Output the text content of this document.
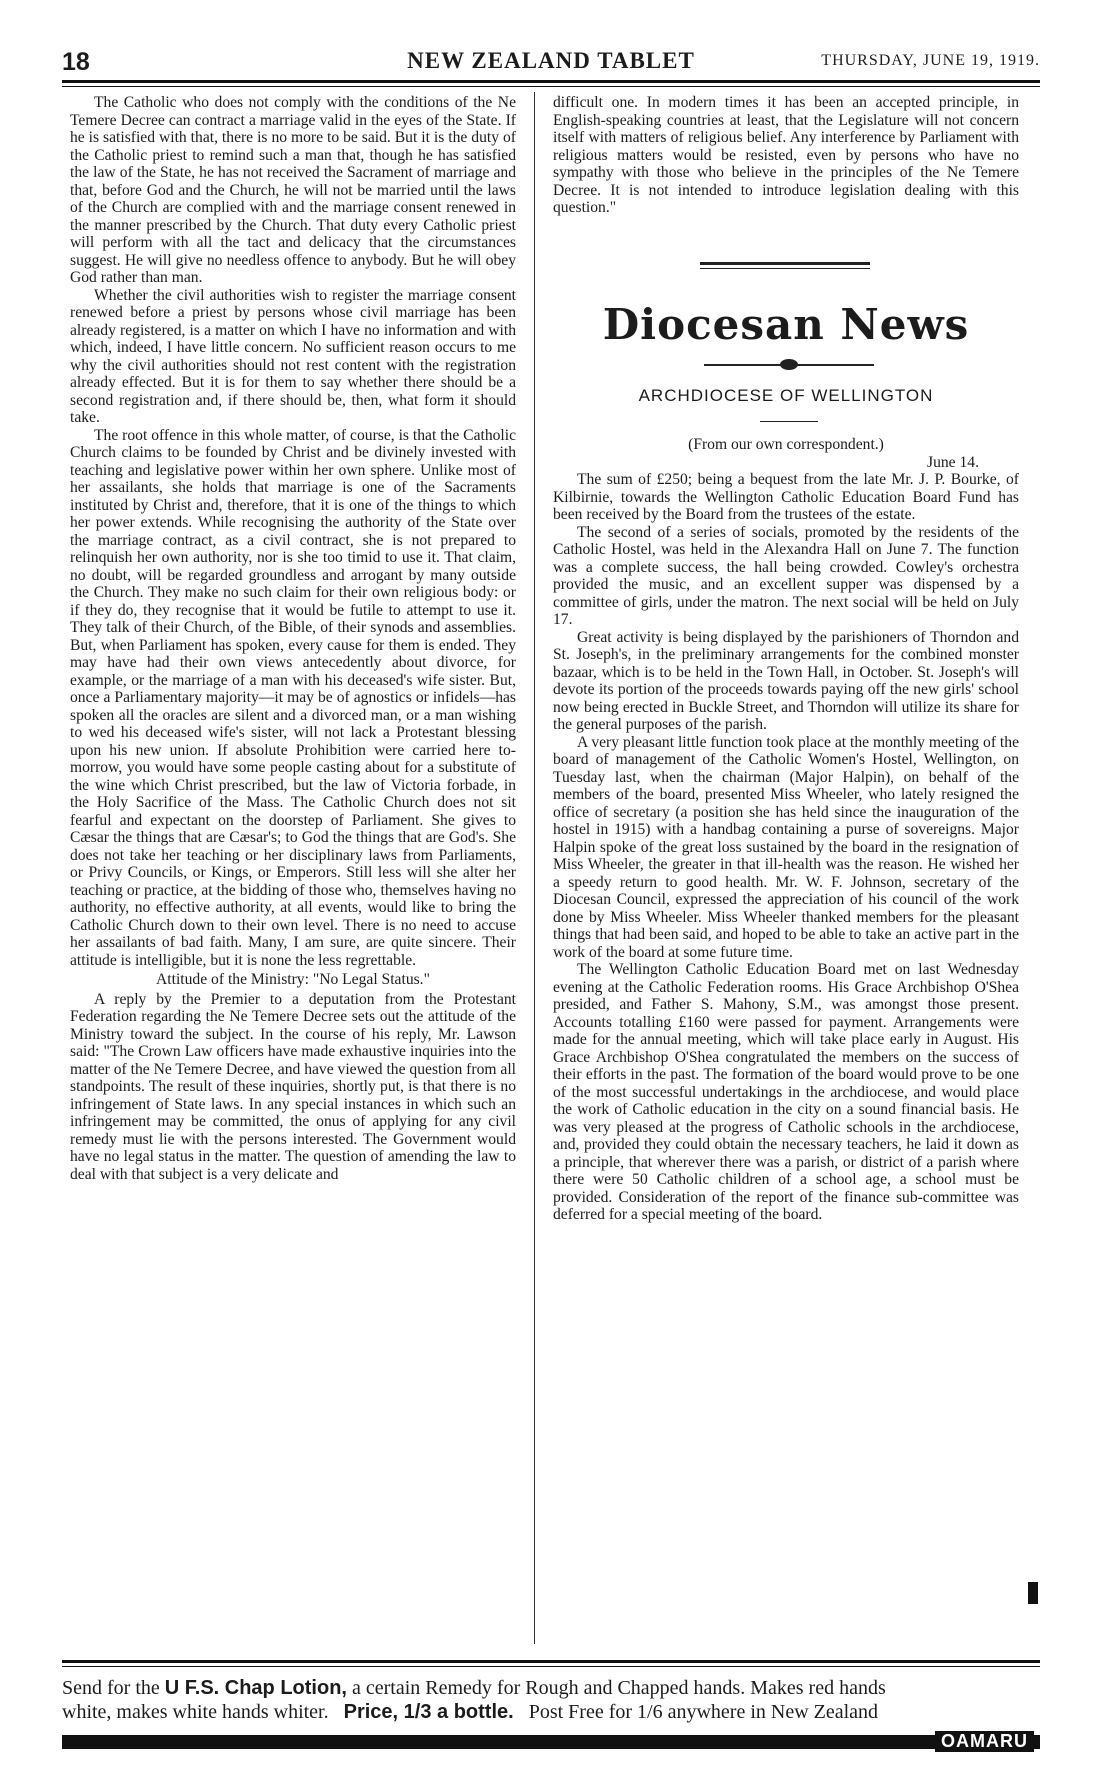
18	NEW ZEALAND TABLET	THURSDAY, JUNE 19, 1919.

The Catholic who does not comply with the conditions of the Ne Temere Decree can contract a marriage valid in the eyes of the State. If he is satisfied with that, there is no more to be said. But it is the duty of the Catholic priest to remind such a man that, though he has satisfied the law of the State, he has not received the Sacrament of marriage and that, before God and the Church, he will not be married until the laws of the Church are complied with and the marriage consent renewed in the manner prescribed by the Church. That duty every Catholic priest will perform with all the tact and delicacy that the circumstances suggest. He will give no needless offence to anybody. But he will obey God rather than man.

Whether the civil authorities wish to register the marriage consent renewed before a priest by persons whose civil marriage has been already registered, is a matter on which I have no information and with which, indeed, I have little concern. No sufficient reason occurs to me why the civil authorities should not rest content with the registration already effected. But it is for them to say whether there should be a second registration and, if there should be, then, what form it should take.

The root offence in this whole matter, of course, is that the Catholic Church claims to be founded by Christ and be divinely invested with teaching and legislative power within her own sphere. Unlike most of her assailants, she holds that marriage is one of the Sacraments instituted by Christ and, therefore, that it is one of the things to which her power extends. While recognising the authority of the State over the marriage contract, as a civil contract, she is not prepared to relinquish her own authority, nor is she too timid to use it. That claim, no doubt, will be regarded groundless and arrogant by many outside the Church. They make no such claim for their own religious body: or if they do, they recognise that it would be futile to attempt to use it. They talk of their Church, of the Bible, of their synods and assemblies. But, when Parliament has spoken, every cause for them is ended. They may have had their own views antecedently about divorce, for example, or the marriage of a man with his deceased's wife sister. But, once a Parliamentary majority—it may be of agnostics or infidels—has spoken all the oracles are silent and a divorced man, or a man wishing to wed his deceased wife's sister, will not lack a Protestant blessing upon his new union. If absolute Prohibition were carried here to-morrow, you would have some people casting about for a substitute of the wine which Christ prescribed, but the law of Victoria forbade, in the Holy Sacrifice of the Mass. The Catholic Church does not sit fearful and expectant on the doorstep of Parliament. She gives to Cæsar the things that are Cæsar's; to God the things that are God's. She does not take her teaching or her disciplinary laws from Parliaments, or Privy Councils, or Kings, or Emperors. Still less will she alter her teaching or practice, at the bidding of those who, themselves having no authority, no effective authority, at all events, would like to bring the Catholic Church down to their own level. There is no need to accuse her assailants of bad faith. Many, I am sure, are quite sincere. Their attitude is intelligible, but it is none the less regrettable.

Attitude of the Ministry: "No Legal Status."

A reply by the Premier to a deputation from the Protestant Federation regarding the Ne Temere Decree sets out the attitude of the Ministry toward the subject. In the course of his reply, Mr. Lawson said: "The Crown Law officers have made exhaustive inquiries into the matter of the Ne Temere Decree, and have viewed the question from all standpoints. The result of these inquiries, shortly put, is that there is no infringement of State laws. In any special instances in which such an infringement may be committed, the onus of applying for any civil remedy must lie with the persons interested. The Government would have no legal status in the matter. The question of amending the law to deal with that subject is a very delicate and

difficult one. In modern times it has been an accepted principle, in English-speaking countries at least, that the Legislature will not concern itself with matters of religious belief. Any interference by Parliament with religious matters would be resisted, even by persons who have no sympathy with those who believe in the principles of the Ne Temere Decree. It is not intended to introduce legislation dealing with this question."

Diocesan News
ARCHDIOCESE OF WELLINGTON
(From our own correspondent.)
June 14.

The sum of £250; being a bequest from the late Mr. J. P. Bourke, of Kilbirnie, towards the Wellington Catholic Education Board Fund has been received by the Board from the trustees of the estate.

The second of a series of socials, promoted by the residents of the Catholic Hostel, was held in the Alexandra Hall on June 7. The function was a complete success, the hall being crowded. Cowley's orchestra provided the music, and an excellent supper was dispensed by a committee of girls, under the matron. The next social will be held on July 17.

Great activity is being displayed by the parishioners of Thorndon and St. Joseph's, in the preliminary arrangements for the combined monster bazaar, which is to be held in the Town Hall, in October. St. Joseph's will devote its portion of the proceeds towards paying off the new girls' school now being erected in Buckle Street, and Thorndon will utilize its share for the general purposes of the parish.

A very pleasant little function took place at the monthly meeting of the board of management of the Catholic Women's Hostel, Wellington, on Tuesday last, when the chairman (Major Halpin), on behalf of the members of the board, presented Miss Wheeler, who lately resigned the office of secretary (a position she has held since the inauguration of the hostel in 1915) with a handbag containing a purse of sovereigns. Major Halpin spoke of the great loss sustained by the board in the resignation of Miss Wheeler, the greater in that ill-health was the reason. He wished her a speedy return to good health. Mr. W. F. Johnson, secretary of the Diocesan Council, expressed the appreciation of his council of the work done by Miss Wheeler. Miss Wheeler thanked members for the pleasant things that had been said, and hoped to be able to take an active part in the work of the board at some future time.

The Wellington Catholic Education Board met on last Wednesday evening at the Catholic Federation rooms. His Grace Archbishop O'Shea presided, and Father S. Mahony, S.M., was amongst those present. Accounts totalling £160 were passed for payment. Arrangements were made for the annual meeting, which will take place early in August. His Grace Archbishop O'Shea congratulated the members on the success of their efforts in the past. The formation of the board would prove to be one of the most successful undertakings in the archdiocese, and would place the work of Catholic education in the city on a sound financial basis. He was very pleased at the progress of Catholic schools in the archdiocese, and, provided they could obtain the necessary teachers, he laid it down as a principle, that wherever there was a parish, or district of a parish where there were 50 Catholic children of a school age, a school must be provided. Consideration of the report of the finance sub-committee was deferred for a special meeting of the board.

Send for the U F.S. Chap Lotion, a certain Remedy for Rough and Chapped hands. Makes red hands
white, makes white hands whiter. Price, 1/3 a bottle. Post Free for 1/6 anywhere in New Zealand
OAMARU
